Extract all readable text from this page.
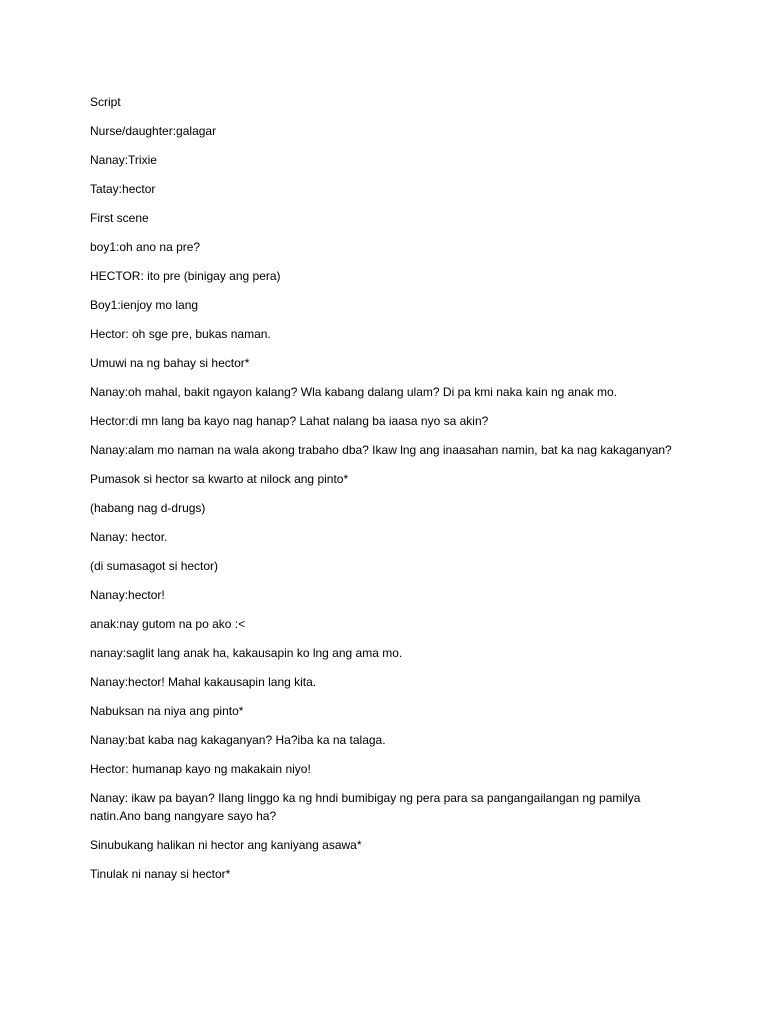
Script

Nurse/daughter:galagar

Nanay:Trixie

Tatay:hector

First scene

boy1:oh ano na pre?

HECTOR: ito pre (binigay ang pera)

Boy1:ienjoy mo lang

Hector: oh sge pre, bukas naman.

Umuwi na ng bahay si hector*

Nanay:oh mahal, bakit ngayon kalang? Wla kabang dalang ulam? Di pa kmi naka kain ng anak mo.

Hector:di mn lang ba kayo nag hanap? Lahat nalang ba iaasa nyo sa akin?

Nanay:alam mo naman na wala akong trabaho dba? Ikaw lng ang inaasahan namin, bat ka nag kakaganyan?

Pumasok si hector sa kwarto at nilock ang pinto*

(habang nag d-drugs)

Nanay: hector.

(di sumasagot si hector)

Nanay:hector!

anak:nay gutom na po ako :<

nanay:saglit lang anak ha, kakausapin ko lng ang ama mo.

Nanay:hector! Mahal kakausapin lang kita.

Nabuksan na niya ang pinto*

Nanay:bat kaba nag kakaganyan? Ha?iba ka na talaga.

Hector: humanap kayo ng makakain niyo!

Nanay: ikaw pa bayan? Ilang linggo ka ng hndi bumibigay ng pera para sa pangangailangan ng pamilya natin.Ano bang nangyare sayo ha?

Sinubukang halikan ni hector ang kaniyang asawa*

Tinulak ni nanay si hector*
